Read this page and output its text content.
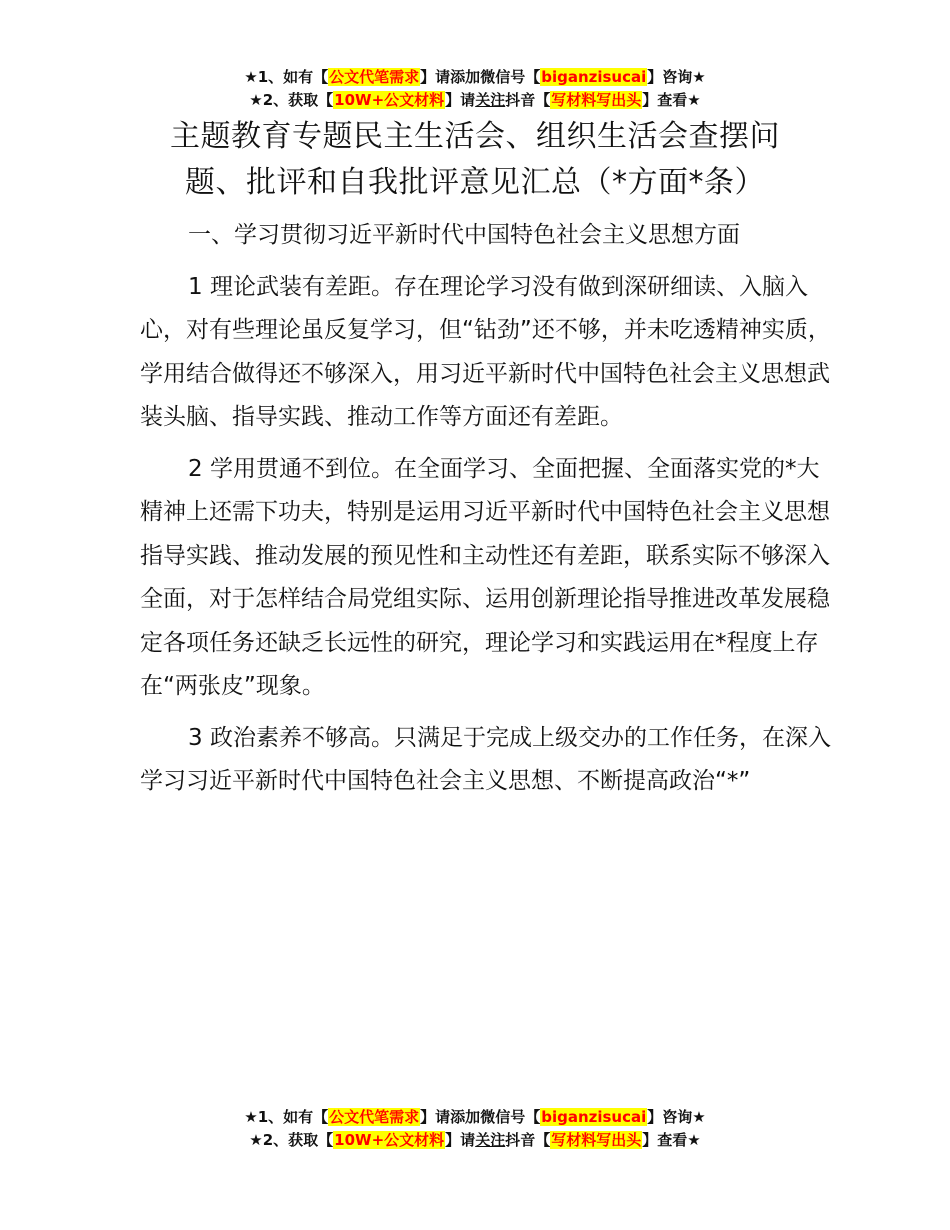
★1、如有【公文代笔需求】请添加微信号【biganzisucai】咨询★
★2、获取【10W+公文材料】请关注抖音【写材料写出头】查看★
主题教育专题民主生活会、组织生活会查摆问题、批评和自我批评意见汇总（*方面*条）

一、学习贯彻习近平新时代中国特色社会主义思想方面

1 理论武装有差距。存在理论学习没有做到深研细读、入脑入心，对有些理论虽反复学习，但“钻劲”还不够，并未吃透精神实质，学用结合做得还不够深入，用习近平新时代中国特色社会主义思想武装头脑、指导实践、推动工作等方面还有差距。

2 学用贯通不到位。在全面学习、全面把握、全面落实党的*大精神上还需下功夫，特别是运用习近平新时代中国特色社会主义思想指导实践、推动发展的预见性和主动性还有差距，联系实际不够深入全面，对于怎样结合局党组实际、运用创新理论指导推进改革发展稳定各项任务还缺乏长远性的研究，理论学习和实践运用在*程度上存在“两张皮”现象。

3 政治素养不够高。只满足于完成上级交办的工作任务，在深入学习习近平新时代中国特色社会主义思想、不断提高政治“*”

★1、如有【公文代笔需求】请添加微信号【biganzisucai】咨询★
★2、获取【10W+公文材料】请关注抖音【写材料写出头】查看★
